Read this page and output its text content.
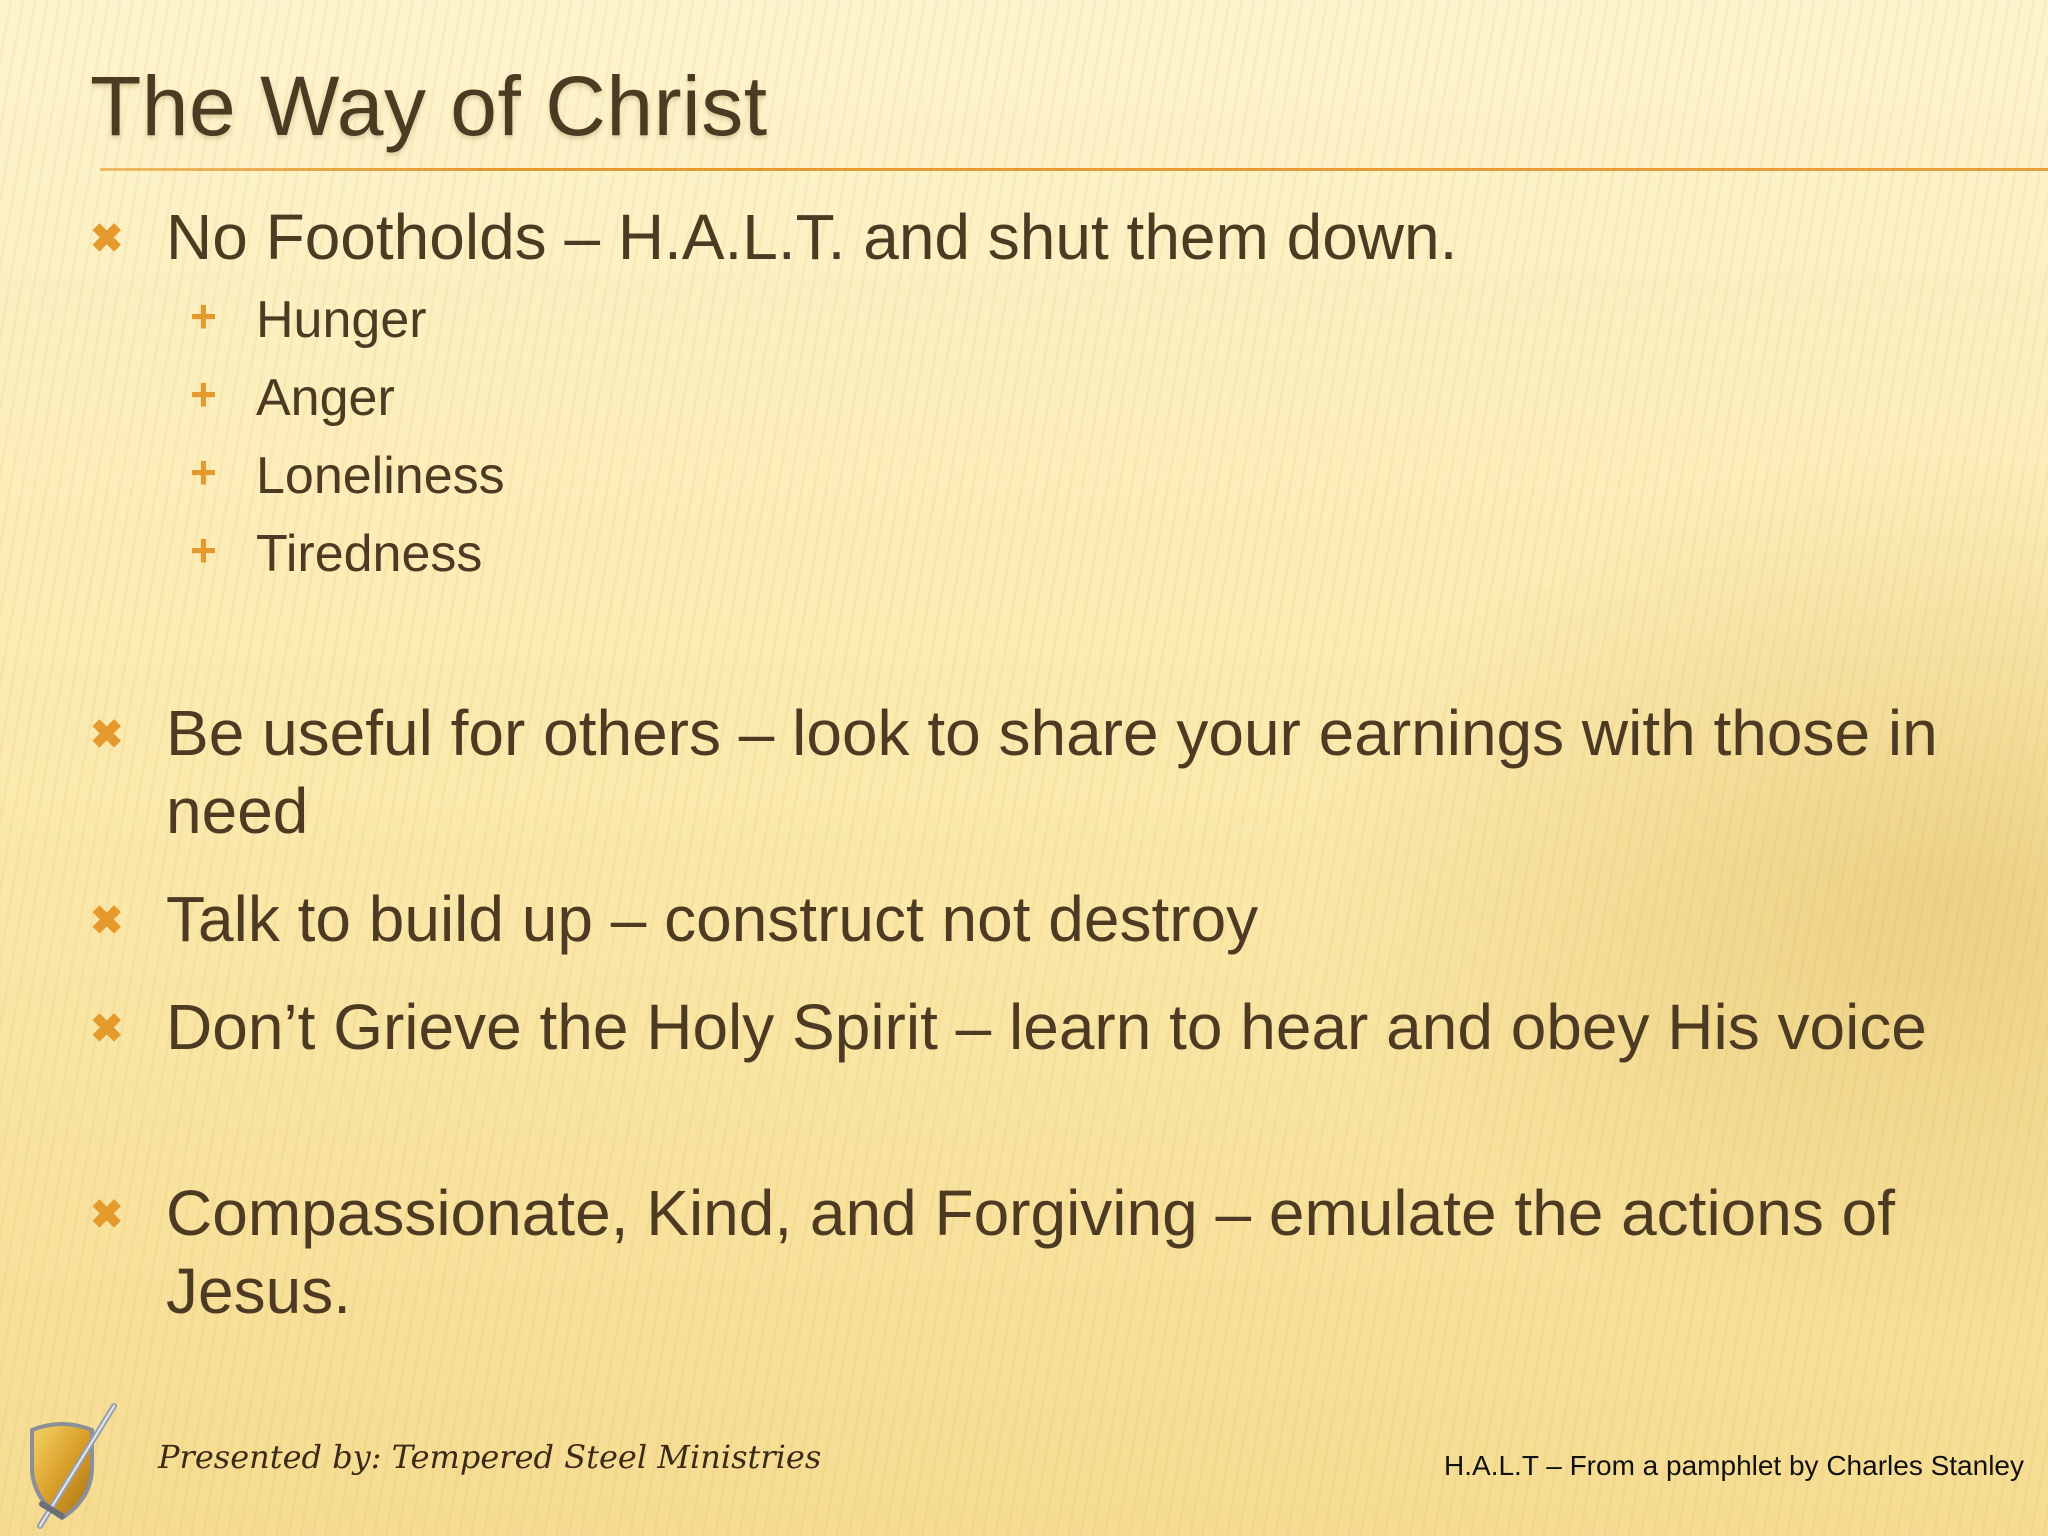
The Way of Christ
✖ No Footholds – H.A.L.T. and shut them down.
+ Hunger
+ Anger
+ Loneliness
+ Tiredness
✖ Be useful for others – look to share your earnings with those in need
✖ Talk to build up – construct not destroy
✖ Don’t Grieve the Holy Spirit – learn to hear and obey His voice
✖ Compassionate, Kind, and Forgiving – emulate the actions of Jesus.
Presented by: Tempered Steel Ministries	H.A.L.T – From a pamphlet by Charles Stanley
